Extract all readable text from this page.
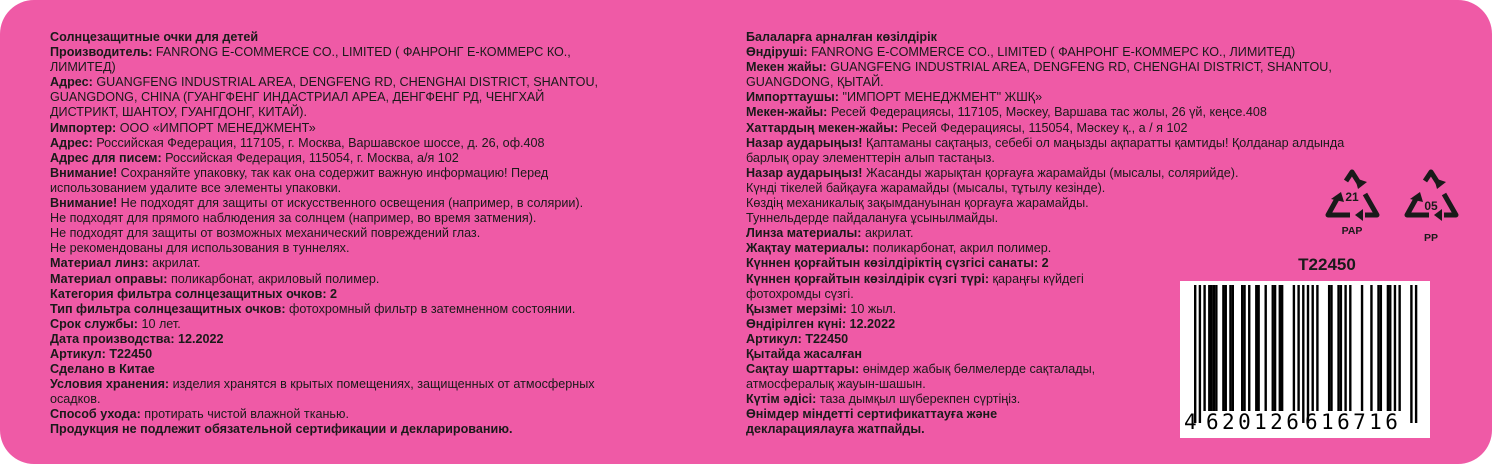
Солнцезащитные очки для детей
Производитель: FANRONG E-COMMERCE CO., LIMITED ( ФАНРОНГ Е-КОММЕРС КО.,
ЛИМИТЕД)
Адрес: GUANGFENG INDUSTRIAL AREA, DENGFENG RD, CHENGHAI DISTRICT, SHANTOU,
GUANGDONG, CHINA (ГУАНГФЕНГ ИНДАСТРИАЛ АРЕА, ДЕНГФЕНГ РД, ЧЕНГХАЙ
ДИСТРИКТ, ШАНТОУ, ГУАНГДОНГ, КИТАЙ).
Импортер: ООО «ИМПОРТ МЕНЕДЖМЕНТ»
Адрес: Российская Федерация, 117105, г. Москва, Варшавское шоссе, д. 26, оф.408
Адрес для писем: Российская Федерация, 115054, г. Москва, а/я 102
Внимание! Сохраняйте упаковку, так как она содержит важную информацию! Перед
использованием удалите все элементы упаковки.
Внимание! Не подходят для защиты от искусственного освещения (например, в солярии).
Не подходят для прямого наблюдения за солнцем (например, во время затмения).
Не подходят для защиты от возможных механический повреждений глаз.
Не рекомендованы для использования в туннелях.
Материал линз: акрилат.
Материал оправы: поликарбонат, акриловый полимер.
Категория фильтра солнцезащитных очков: 2
Тип фильтра солнцезащитных очков: фотохромный фильтр в затемненном состоянии.
Срок службы: 10 лет.
Дата производства: 12.2022
Артикул: T22450
Сделано в Китае
Условия хранения: изделия хранятся в крытых помещениях, защищенных от атмосферных
осадков.
Способ ухода: протирать чистой влажной тканью.
Продукция не подлежит обязательной сертификации и декларированию.
Балаларға арналған көзілдірік
Өндіруші: FANRONG E-COMMERCE CO., LIMITED ( ФАНРОНГ Е-КОММЕРС КО., ЛИМИТЕД)
Мекен жайы: GUANGFENG INDUSTRIAL AREA, DENGFENG RD, CHENGHAI DISTRICT, SHANTOU,
GUANGDONG, ҚЫТАЙ.
Импорттаушы: "ИМПОРТ МЕНЕДЖМЕНТ" ЖШҚ»
Мекен-жайы: Ресей Федерациясы, 117105, Мәскеу, Варшава тас жолы, 26 үй, кеңсе.408
Хаттардың мекен-жайы: Ресей Федерациясы, 115054, Мәскеу қ., а / я 102
Назар аударыңыз! Қаптаманы сақтаңыз, себебі ол маңызды ақпаратты қамтиды! Қолданар алдында
барлық орау элементтерін алып тастаңыз.
Назар аударыңыз! Жасанды жарықтан қорғауға жарамайды (мысалы, солярийде).
Күнді тікелей байқауға жарамайды (мысалы, тұтылу кезінде).
Көздің механикалық зақымдануынан қорғауға жарамайды.
Туннельдерде пайдалануға ұсынылмайды.
Линза материалы: акрилат.
Жақтау материалы: поликарбонат, акрил полимер.
Күннен қорғайтын көзілдіріктің сүзгісі санаты: 2
Күннен қорғайтын көзілдірік сүзгі түрі: қараңғы күйдегі
фотохромды сүзгі.
Қызмет мерзімі: 10 жыл.
Өндірілген күні: 12.2022
Артикул: T22450
Қытайда жасалған
Сақтау шарттары: өнімдер жабық бөлмелерде сақталады,
атмосфералық жауын-шашын.
Күтім әдісі: таза дымқыл шүберекпен сүртіңіз.
Өнімдер міндетті сертификаттауға және
декларациялауға жатпайды.
21
PAP
05
PP
T22450
4 620126 616716
